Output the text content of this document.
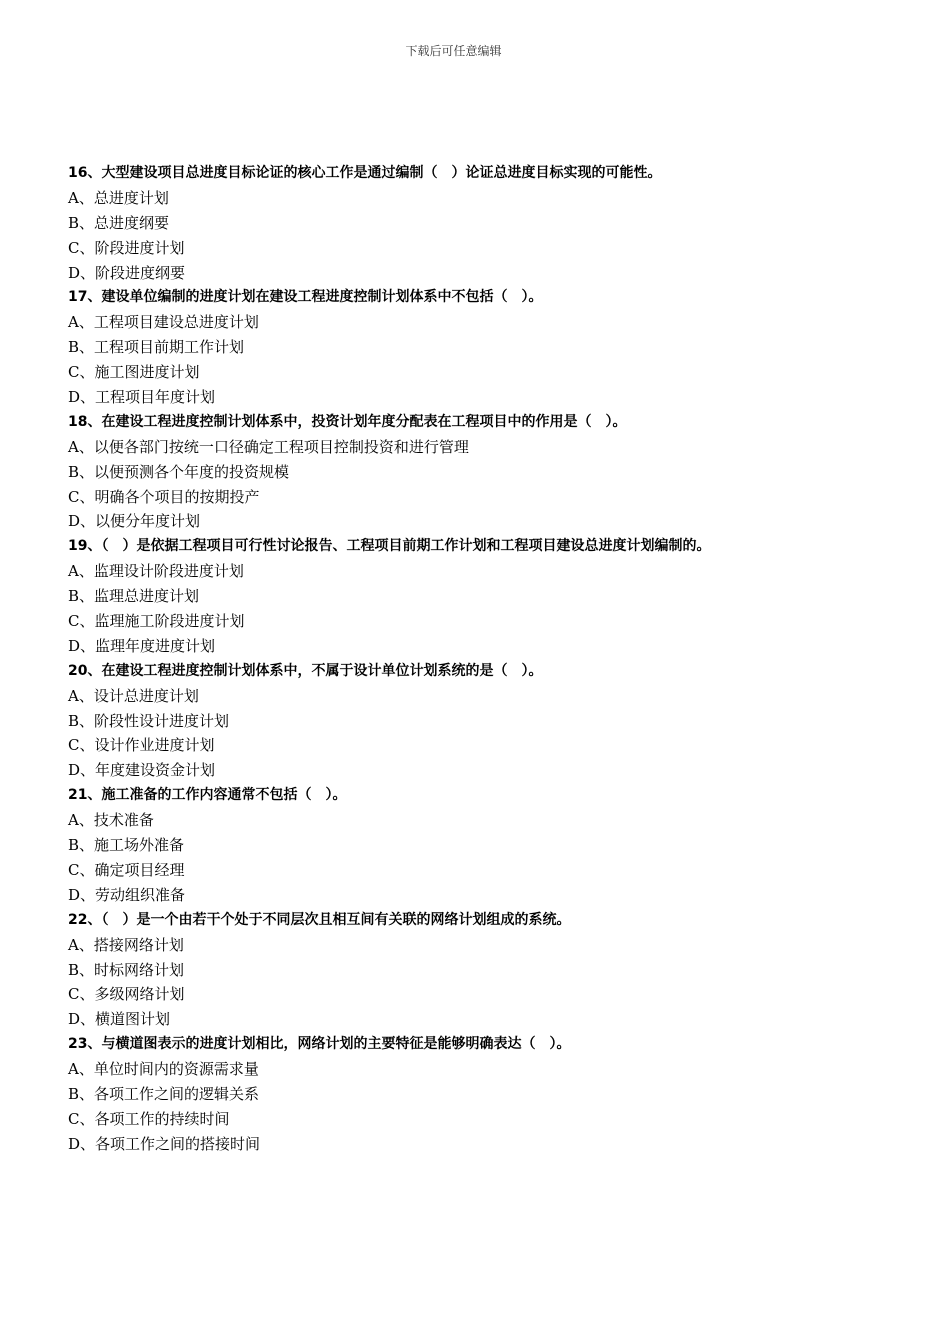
下载后可任意编辑
16、大型建设项目总进度目标论证的核心工作是通过编制（　）论证总进度目标实现的可能性。
A、总进度计划
B、总进度纲要
C、阶段进度计划
D、阶段进度纲要
17、建设单位编制的进度计划在建设工程进度控制计划体系中不包括（　）。
A、工程项目建设总进度计划
B、工程项目前期工作计划
C、施工图进度计划
D、工程项目年度计划
18、在建设工程进度控制计划体系中，投资计划年度分配表在工程项目中的作用是（　）。
A、以便各部门按统一口径确定工程项目控制投资和进行管理
B、以便预测各个年度的投资规模
C、明确各个项目的按期投产
D、以便分年度计划
19、（　）是依据工程项目可行性讨论报告、工程项目前期工作计划和工程项目建设总进度计划编制的。
A、监理设计阶段进度计划
B、监理总进度计划
C、监理施工阶段进度计划
D、监理年度进度计划
20、在建设工程进度控制计划体系中，不属于设计单位计划系统的是（　）。
A、设计总进度计划
B、阶段性设计进度计划
C、设计作业进度计划
D、年度建设资金计划
21、施工准备的工作内容通常不包括（　）。
A、技术准备
B、施工场外准备
C、确定项目经理
D、劳动组织准备
22、（　）是一个由若干个处于不同层次且相互间有关联的网络计划组成的系统。
A、搭接网络计划
B、时标网络计划
C、多级网络计划
D、横道图计划
23、与横道图表示的进度计划相比，网络计划的主要特征是能够明确表达（　）。
A、单位时间内的资源需求量
B、各项工作之间的逻辑关系
C、各项工作的持续时间
D、各项工作之间的搭接时间
